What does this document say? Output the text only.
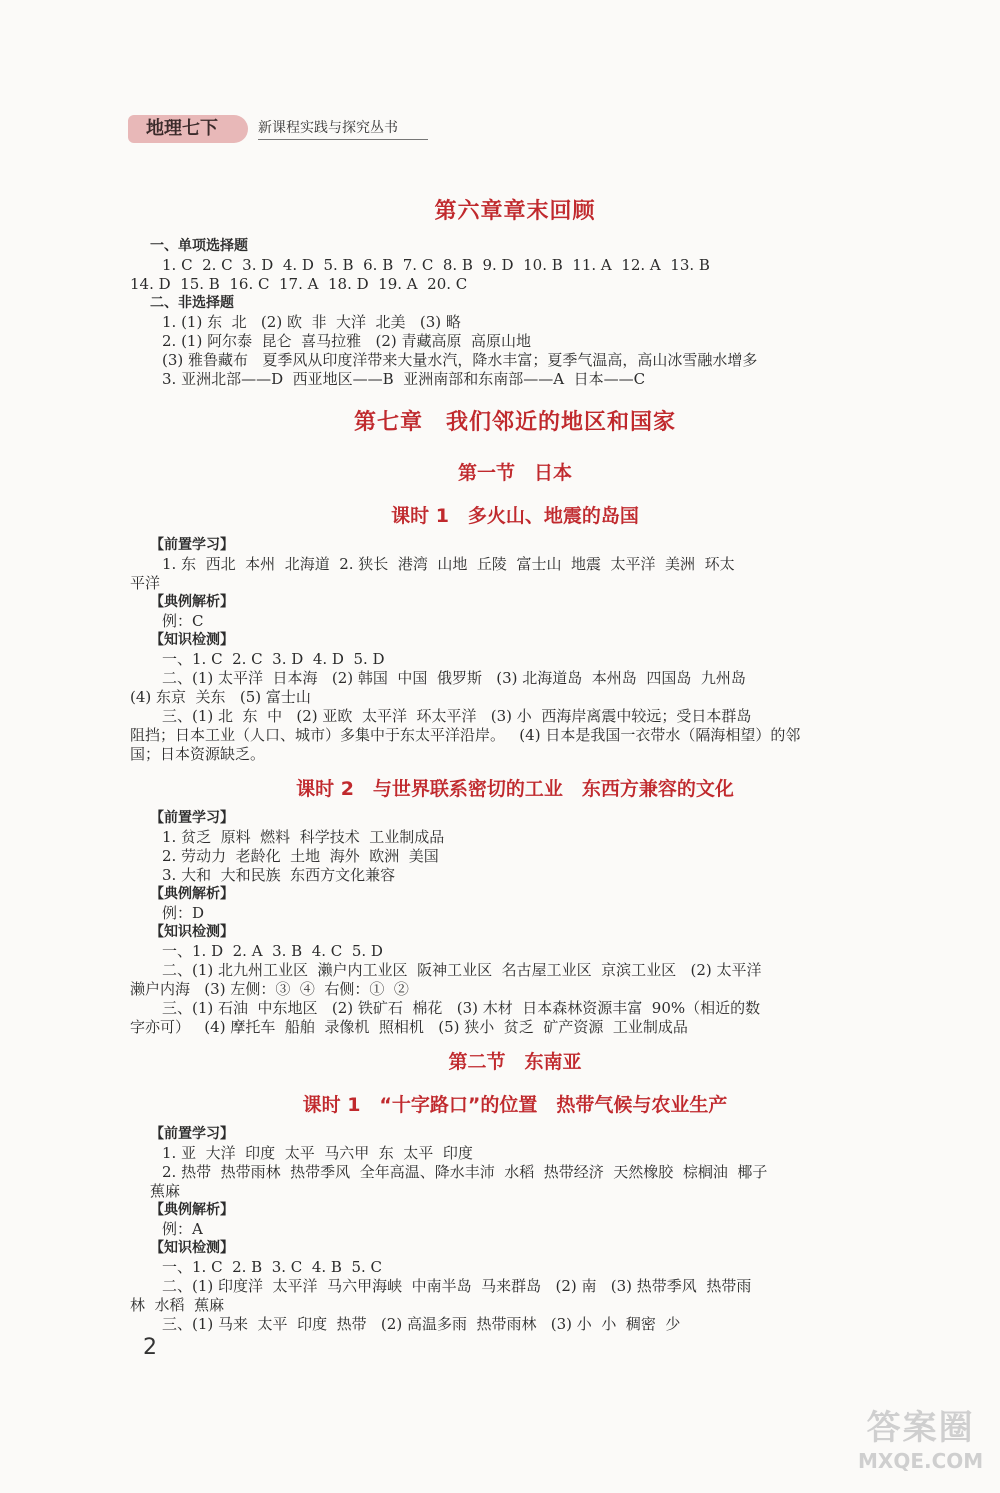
地理七下	新课程实践与探究丛书
第六章章末回顾
一、单项选择题
1. C  2. C  3. D  4. D  5. B  6. B  7. C  8. B  9. D  10. B  11. A  12. A  13. B
14. D  15. B  16. C  17. A  18. D  19. A  20. C
二、非选择题
1. (1) 东  北   (2) 欧  非  大洋  北美   (3) 略
2. (1) 阿尔泰  昆仑  喜马拉雅   (2) 青藏高原  高原山地
(3) 雅鲁藏布   夏季风从印度洋带来大量水汽，降水丰富；夏季气温高，高山冰雪融水增多
3. 亚洲北部——D  西亚地区——B  亚洲南部和东南部——A  日本——C
第七章　我们邻近的地区和国家
第一节　日本
课时 1　多火山、地震的岛国
【前置学习】
1. 东  西北  本州  北海道  2. 狭长  港湾  山地  丘陵  富士山  地震  太平洋  美洲  环太
平洋
【典例解析】
例：C
【知识检测】
一、1. C  2. C  3. D  4. D  5. D
二、(1) 太平洋  日本海   (2) 韩国  中国  俄罗斯   (3) 北海道岛  本州岛  四国岛  九州岛
(4) 东京  关东   (5) 富士山
三、(1) 北  东  中   (2) 亚欧  太平洋  环太平洋   (3) 小  西海岸离震中较远；受日本群岛
阻挡；日本工业（人口、城市）多集中于东太平洋沿岸。   (4) 日本是我国一衣带水（隔海相望）的邻
国；日本资源缺乏。
课时 2　与世界联系密切的工业　东西方兼容的文化
【前置学习】
1. 贫乏  原料  燃料  科学技术  工业制成品
2. 劳动力  老龄化  土地  海外  欧洲  美国
3. 大和  大和民族  东西方文化兼容
【典例解析】
例：D
【知识检测】
一、1. D  2. A  3. B  4. C  5. D
二、(1) 北九州工业区  濑户内工业区  阪神工业区  名古屋工业区  京滨工业区   (2) 太平洋
濑户内海   (3) 左侧：③  ④  右侧：①  ②
三、(1) 石油  中东地区   (2) 铁矿石  棉花   (3) 木材  日本森林资源丰富  90%（相近的数
字亦可）   (4) 摩托车  船舶  录像机  照相机   (5) 狭小  贫乏  矿产资源  工业制成品
第二节　东南亚
课时 1　“十字路口”的位置　热带气候与农业生产
【前置学习】
1. 亚  大洋  印度  太平  马六甲  东  太平  印度
2. 热带  热带雨林  热带季风  全年高温、降水丰沛  水稻  热带经济  天然橡胶  棕榈油  椰子
蕉麻
【典例解析】
例：A
【知识检测】
一、1. C  2. B  3. C  4. B  5. C
二、(1) 印度洋  太平洋  马六甲海峡  中南半岛  马来群岛   (2) 南   (3) 热带季风  热带雨
林  水稻  蕉麻
三、(1) 马来  太平  印度  热带   (2) 高温多雨  热带雨林   (3) 小  小  稠密  少
2
答案圈
MXQE.COM
